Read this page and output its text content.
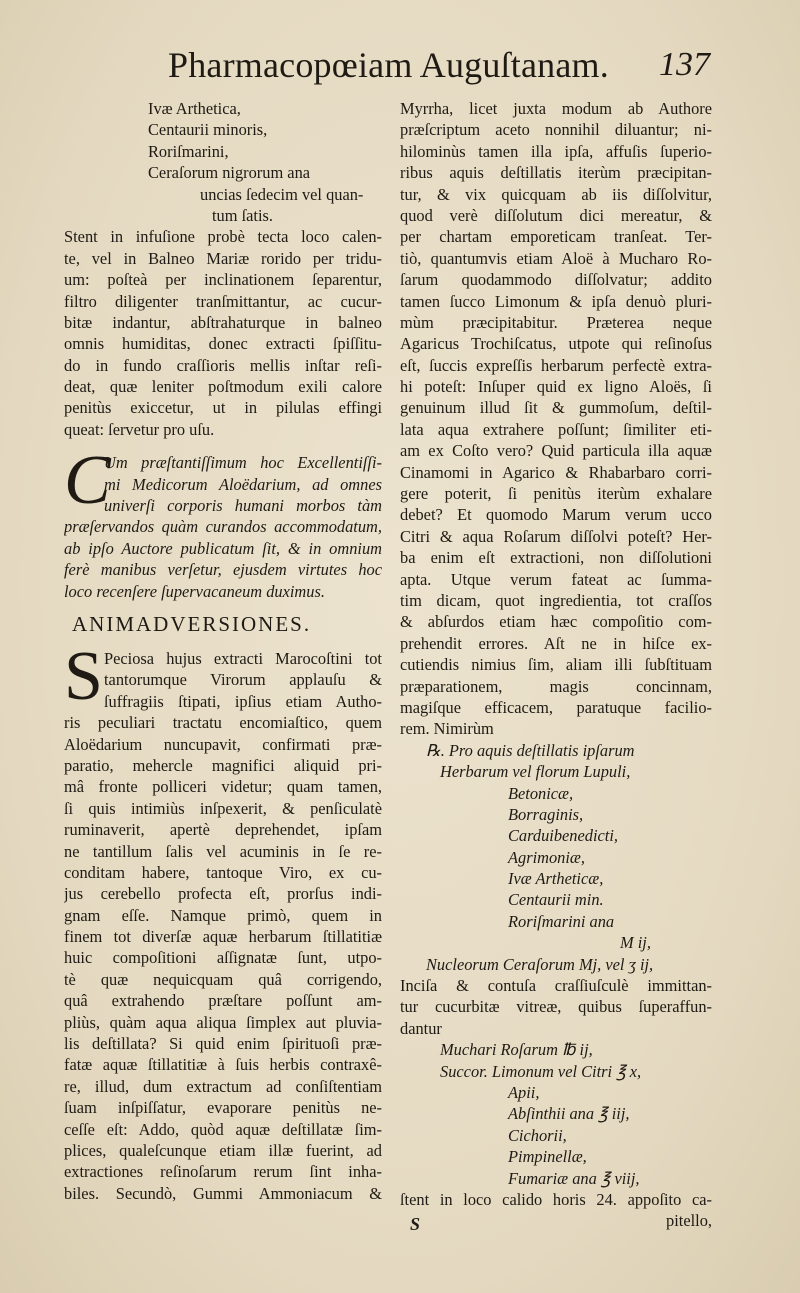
Pharmacopœiam Auguſtanam. 137
Ivæ Arthetica,
Centaurii minoris,
Roriſmarini,
Ceraſorum nigrorum ana
uncias ſedecim vel quan-
tum ſatis.
Stent in infuſione probè tecta loco calen-
te, vel in Balneo Mariæ rorido per tridu-
um: poſteà per inclinationem ſeparentur,
filtro diligenter tranſmittantur, ac cucur-
bitæ indantur, abſtrahaturque in balneo
omnis humiditas, donec extracti ſpiſſitu-
do in fundo craſſioris mellis inſtar reſi-
deat, quæ leniter poſtmodum exili calore
penitùs exiccetur, ut in pilulas effingi
queat: ſervetur pro uſu.
C
Um præſtantiſſimum hoc Excellentiſſi-
mi Medicorum Aloëdarium, ad omnes
univerſi corporis humani morbos tàm
præſervandos quàm curandos accommodatum,
ab ipſo Auctore publicatum ſit, & in omnium
ferè manibus verſetur, ejusdem virtutes hoc
loco recenſere ſupervacaneum duximus.
ANIMADVERSIONES.
S Peciosa hujus extracti Marocoſtini tot
tantorumque Virorum applauſu &
ſuffragiis ſtipati, ipſius etiam Autho-
ris peculiari tractatu encomiaſtico, quem
Aloëdarium nuncupavit, confirmati præ-
paratio, mehercle magnifici aliquid pri-
mâ fronte polliceri videtur; quam tamen,
ſi quis intimiùs inſpexerit, & penſiculatè
ruminaverit, apertè deprehendet, ipſam
ne tantillum ſalis vel acuminis in ſe re-
conditam habere, tantoque Viro, ex cu-
jus cerebello profecta eſt, prorſus indi-
gnam eſſe. Namque primò, quem in
finem tot diverſæ aquæ herbarum ſtillatitiæ
huic compoſitioni aſſignatæ ſunt, utpo-
tè quæ nequicquam quâ corrigendo,
quâ extrahendo præſtare poſſunt am-
pliùs, quàm aqua aliqua ſimplex aut pluvia-
lis deſtillata? Si quid enim ſpirituoſi præ-
fatæ aquæ ſtillatitiæ à ſuis herbis contraxê-
re, illud, dum extractum ad conſiſtentiam
ſuam inſpiſſatur, evaporare penitùs ne-
ceſſe eſt: Addo, quòd aquæ deſtillatæ ſim-
plices, qualeſcunque etiam illæ fuerint, ad
extractiones reſinoſarum rerum ſint inha-
biles. Secundò, Gummi Ammoniacum &
Myrrha, licet juxta modum ab Authore
præſcriptum aceto nonnihil diluantur; ni-
hilominùs tamen illa ipſa, affuſis ſuperio-
ribus aquis deſtillatis iterùm præcipitan-
tur, & vix quicquam ab iis diſſolvitur,
quod verè diſſolutum dici mereatur, &
per chartam emporeticam tranſeat. Ter-
tiò, quantumvis etiam Aloë à Mucharo Ro-
ſarum quodammodo diſſolvatur; addito
tamen ſucco Limonum & ipſa denuò pluri-
mùm præcipitabitur. Præterea neque
Agaricus Trochiſcatus, utpote qui reſinoſus
eſt, ſuccis expreſſis herbarum perfectè extra-
hi poteſt: Inſuper quid ex ligno Aloës, ſi
genuinum illud ſit & gummoſum, deſtil-
lata aqua extrahere poſſunt; ſimiliter eti-
am ex Coſto vero? Quid particula illa aquæ
Cinamomi in Agarico & Rhabarbaro corri-
gere poterit, ſi penitùs iterùm exhalare
debet? Et quomodo Marum verum ucco
Citri & aqua Roſarum diſſolvi poteſt? Her-
ba enim eſt extractioni, non diſſolutioni
apta. Utque verum fateat ac ſumma-
tim dicam, quot ingredientia, tot craſſos
& abſurdos etiam hæc compoſitio com-
prehendit errores. Aſt ne in hiſce ex-
cutiendis nimius ſim, aliam illi ſubſtituam
præparationem, magis concinnam,
magiſque efficacem, paratuque facilio-
rem. Nimirùm
℞. Pro aquis deſtillatis ipſarum
Herbarum vel florum Lupuli,
Betonicæ,
Borraginis,
Carduibenedicti,
Agrimoniæ,
Ivæ Artheticæ,
Centaurii min.
Roriſmarini ana
M ij,
Nucleorum Ceraſorum Mj, vel ʒ ij,
Inciſa & contuſa craſſiuſculè immittan-
tur cucurbitæ vitreæ, quibus ſuperaffun-
dantur
Muchari Roſarum ℔ ij,
Succor. Limonum vel Citri ℥ x,
Apii,
Abſinthii ana ℥ iij,
Cichorii,
Pimpinellæ,
Fumariæ ana ℥ viij,
ſtent in loco calido horis 24. appoſito ca-
pitello,
S
